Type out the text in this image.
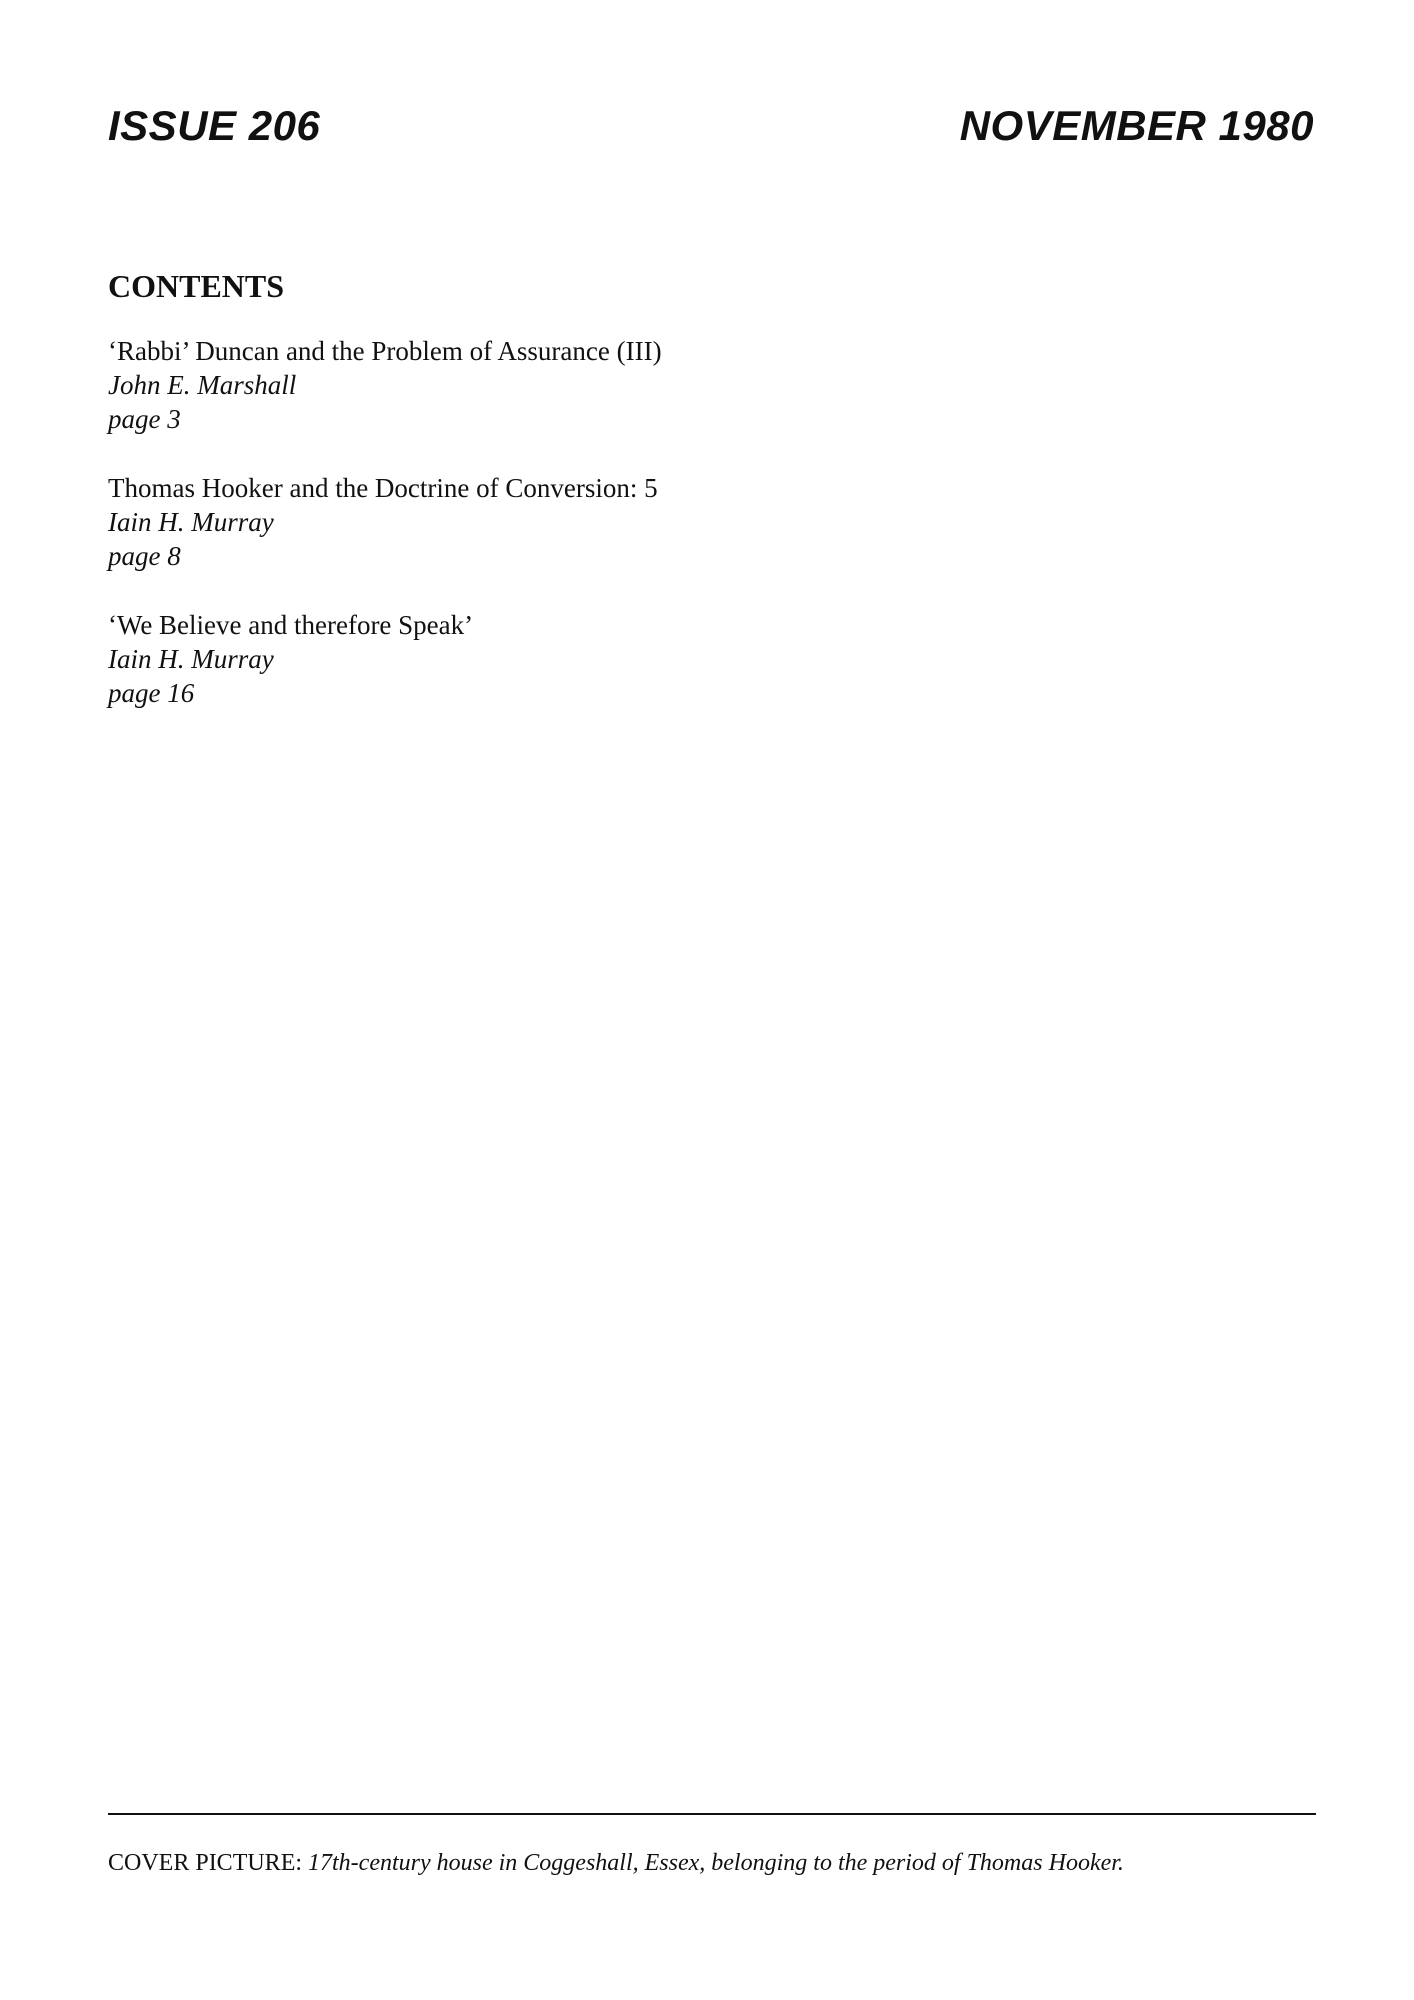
ISSUE 206	NOVEMBER 1980
CONTENTS
‘Rabbi’ Duncan and the Problem of Assurance (III)
John E. Marshall
page 3
Thomas Hooker and the Doctrine of Conversion: 5
Iain H. Murray
page 8
‘We Believe and therefore Speak’
Iain H. Murray
page 16
COVER PICTURE: 17th-century house in Coggeshall, Essex, belonging to the period of Thomas Hooker.
